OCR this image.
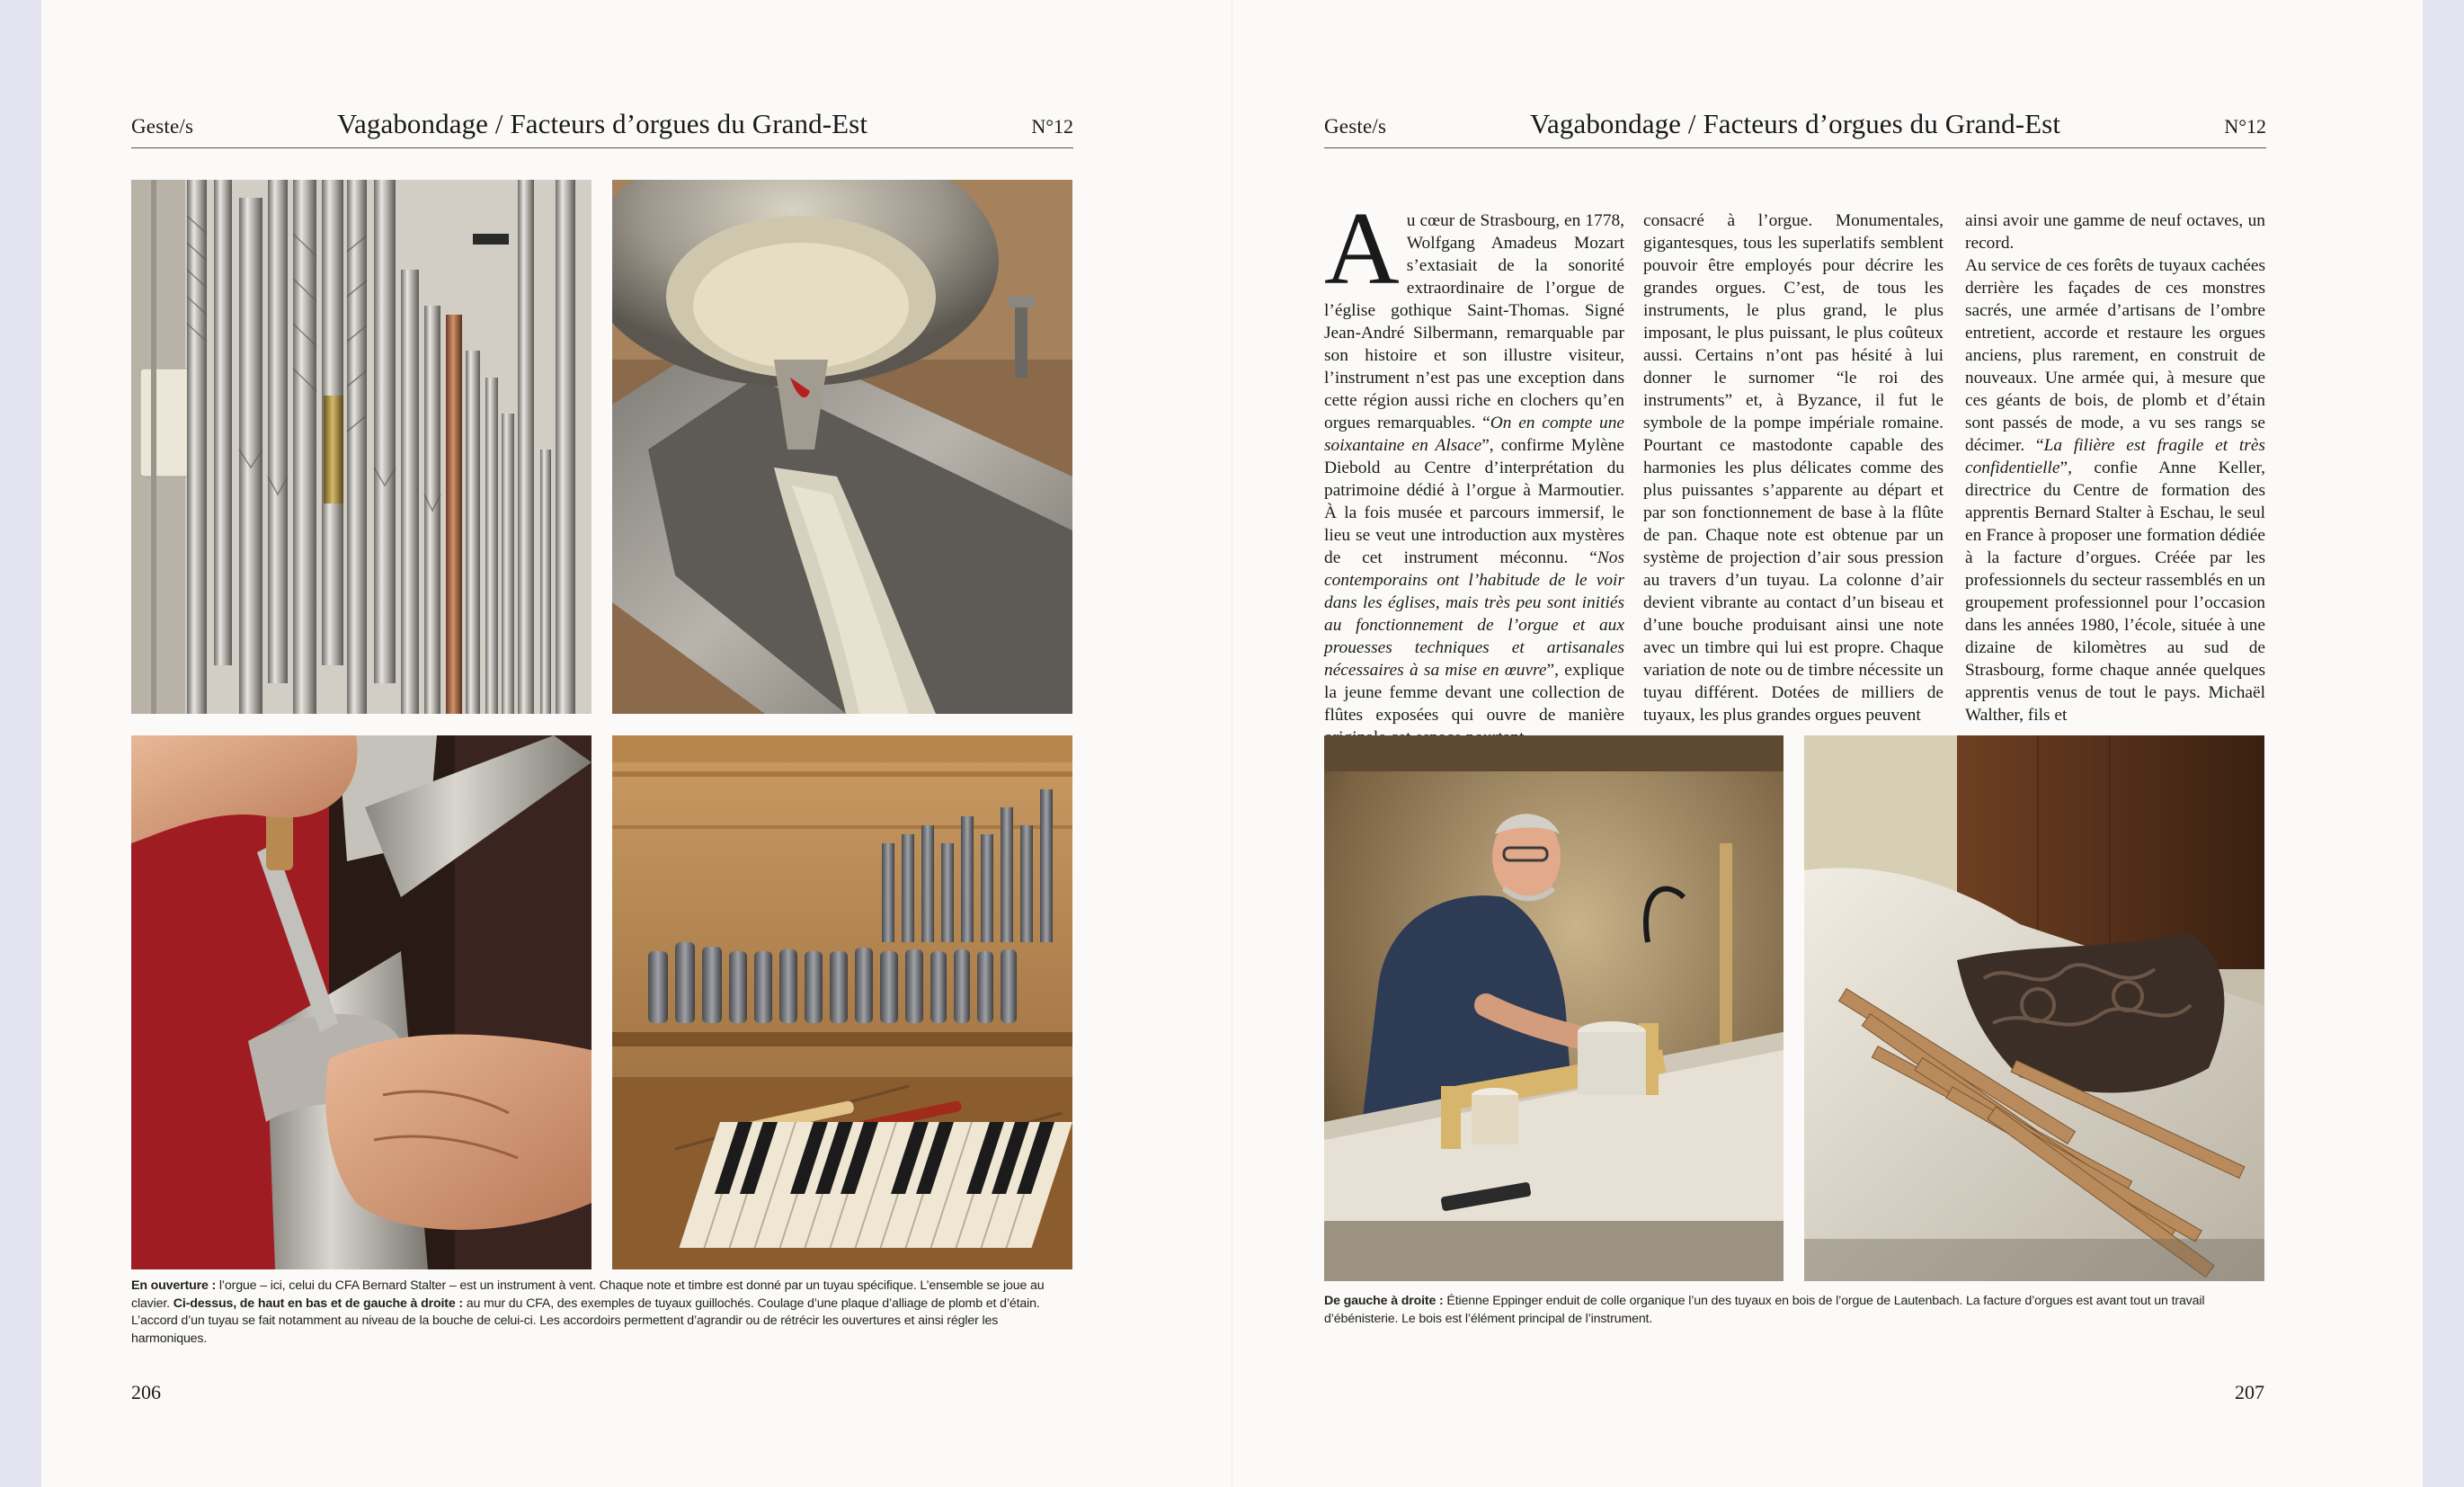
Geste/s	Vagabondage / Facteurs d’orgues du Grand-Est	N°12
En ouverture : l’orgue – ici, celui du CFA Bernard Stalter – est un instrument à vent. Chaque note et timbre est donné par un tuyau spécifique. L’ensemble se joue au clavier. Ci-dessus, de haut en bas et de gauche à droite : au mur du CFA, des exemples de tuyaux guillochés. Coulage d’une plaque d’alliage de plomb et d’étain. L’accord d’un tuyau se fait notamment au niveau de la bouche de celui-ci. Les accordoirs permettent d’agrandir ou de rétrécir les ouvertures et ainsi régler les harmoniques.
206
Geste/s	Vagabondage / Facteurs d’orgues du Grand-Est	N°12

Au cœur de Strasbourg, en 1778, Wolfgang Amadeus Mozart s’extasiait de la sonorité extraordinaire de l’orgue de l’église gothique Saint-Thomas. Signé Jean-André Silbermann, remarquable par son histoire et son illustre visiteur, l’instrument n’est pas une exception dans cette région aussi riche en clochers qu’en orgues remarquables. “On en compte une soixantaine en Alsace”, confirme Mylène Diebold au Centre d’interprétation du patrimoine dédié à l’orgue à Marmoutier. À la fois musée et parcours immersif, le lieu se veut une introduction aux mystères de cet instrument méconnu. “Nos contemporains ont l’habitude de le voir dans les églises, mais très peu sont initiés au fonctionnement de l’orgue et aux prouesses techniques et artisanales nécessaires à sa mise en œuvre”, explique la jeune femme devant une collection de flûtes exposées qui ouvre de manière

consacré à l’orgue. Monumentales, gigantesques, tous les superlatifs semblent pouvoir être employés pour décrire les grandes orgues. C’est, de tous les instruments, le plus grand, le plus imposant, le plus puissant, le plus coûteux aussi. Certains n’ont pas hésité à lui donner le surnomer “le roi des instruments” et, à Byzance, il fut le symbole de la pompe impériale romaine. Pourtant ce mastodonte capable des harmonies les plus délicates comme des plus puissantes s’apparente au départ et par son fonctionnement de base à la flûte de pan. Chaque note est obtenue par un système de projection d’air sous pression au travers d’un tuyau. La colonne d’air devient vibrante au contact d’un biseau et d’une bouche produisant ainsi une note avec un timbre qui lui est propre. Chaque variation de note ou de timbre nécessite un tuyau différent. Dotées de milliers de tuyaux, les plus grandes orgues peuvent

ainsi avoir une gamme de neuf octaves, un record.

Au service de ces forêts de tuyaux cachées derrière les façades de ces monstres sacrés, une armée d’artisans de l’ombre entretient, accorde et restaure les orgues anciens, plus rarement, en construit de nouveaux. Une armée qui, à mesure que ces géants de bois, de plomb et d’étain sont passés de mode, a vu ses rangs se décimer. “La filière est fragile et très confidentielle”, confie Anne Keller, directrice du Centre de formation des apprentis Bernard Stalter à Eschau, le seul en France à proposer une formation dédiée à la facture d’orgues. Créée par les professionnels du secteur rassemblés en un groupement professionnel pour l’occasion dans les années 1980, l’école, située à une dizaine de kilomètres au sud de Strasbourg, forme chaque année quelques apprentis venus de tout le pays. Michaël Walther, fils et

De gauche à droite : Étienne Eppinger enduit de colle organique l’un des tuyaux en bois de l’orgue de Lautenbach. La facture d’orgues est avant tout un travail d’ébénisterie. Le bois est l’élément principal de l’instrument.
207
